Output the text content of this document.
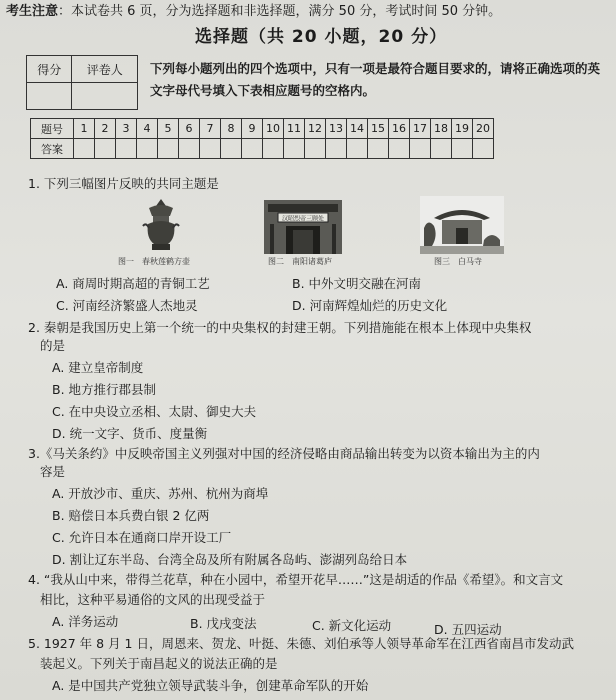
考生注意：本试卷共 6 页，分为选择题和非选择题，满分 50 分，考试时间 50 分钟。
选择题（共 20 小题，20 分）
得分	评卷人
	下列每小题列出的四个选项中，只有一项是最符合题目要求的，请将正确选项的英文字母代号填入下表相应题号的空格内。
题号	1	2	3	4	5	6	7	8	9	10	11	12	13	14	15	16	17	18	19	20
答案																				
1. 下列三幅图片反映的共同主题是
图一　春秋莲鹤方壶
汉昭烈帝三顾处
图二　南阳诸葛庐	图三　白马寺
A. 商周时期高超的青铜工艺	B. 中外文明交融在河南
C. 河南经济繁盛人杰地灵	D. 河南辉煌灿烂的历史文化
2. 秦朝是我国历史上第一个统一的中央集权的封建王朝。下列措施能在根本上体现中央集权
的是
A. 建立皇帝制度
B. 地方推行郡县制
C. 在中央设立丞相、太尉、御史大夫
D. 统一文字、货币、度量衡
3.《马关条约》中反映帝国主义列强对中国的经济侵略由商品输出转变为以资本输出为主的内
容是
A. 开放沙市、重庆、苏州、杭州为商埠
B. 赔偿日本兵费白银 2 亿两
C. 允许日本在通商口岸开设工厂
D. 割让辽东半岛、台湾全岛及所有附属各岛屿、澎湖列岛给日本
4. “我从山中来，带得兰花草，种在小园中，希望开花早……”这是胡适的作品《希望》。和文言文
相比，这种平易通俗的文风的出现受益于
A. 洋务运动	B. 戊戌变法	C. 新文化运动	D. 五四运动
5. 1927 年 8 月 1 日，周恩来、贺龙、叶挺、朱德、刘伯承等人领导革命军在江西省南昌市发动武
装起义。下列关于南昌起义的说法正确的是
A. 是中国共产党独立领导武装斗争，创建革命军队的开始
